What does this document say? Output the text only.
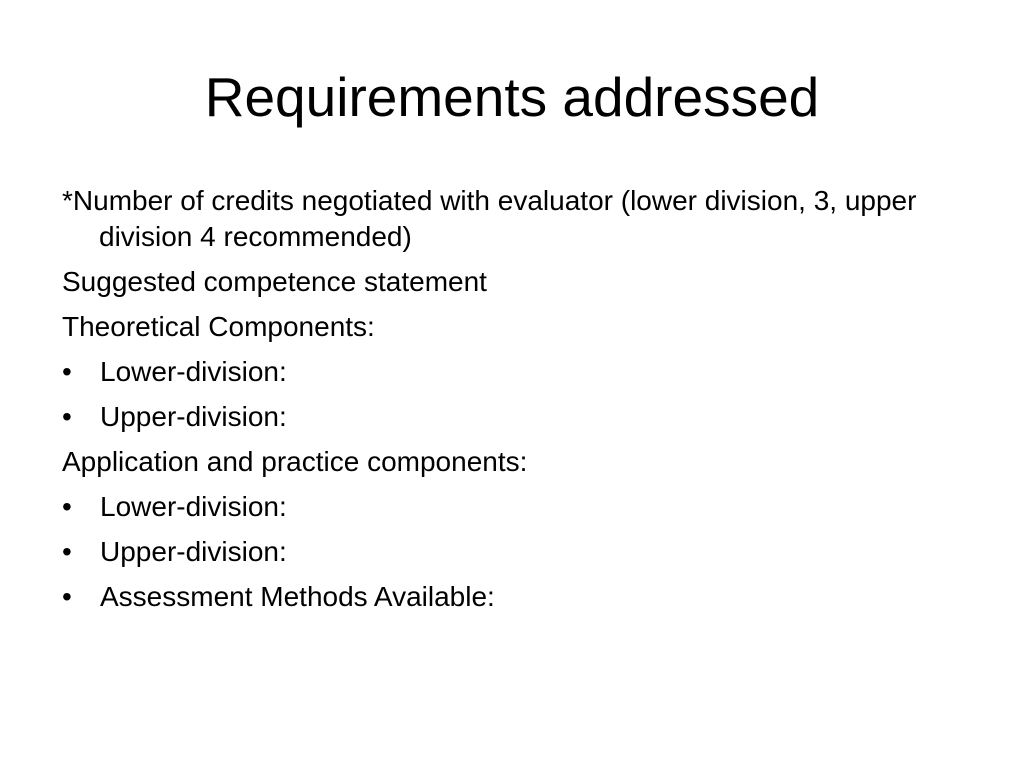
Requirements addressed

*Number of credits negotiated with evaluator (lower division, 3, upper division 4 recommended)

Suggested competence statement

Theoretical Components:

•	Lower-division:
•	Upper-division:

Application and practice components:

•	Lower-division:
•	Upper-division:
•	Assessment Methods Available:
